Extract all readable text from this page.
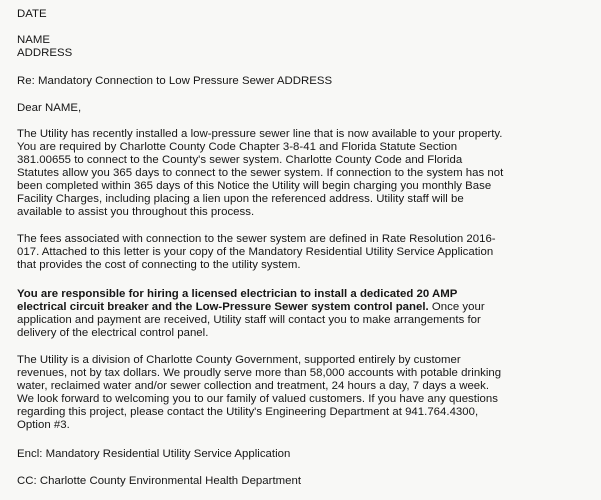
DATE
NAME
ADDRESS
Re: Mandatory Connection to Low Pressure Sewer ADDRESS
Dear NAME,
The Utility has recently installed a low-pressure sewer line that is now available to your property.
You are required by Charlotte County Code Chapter 3-8-41 and Florida Statute Section
381.00655 to connect to the County's sewer system. Charlotte County Code and Florida
Statutes allow you 365 days to connect to the sewer system. If connection to the system has not
been completed within 365 days of this Notice the Utility will begin charging you monthly Base
Facility Charges, including placing a lien upon the referenced address. Utility staff will be
available to assist you throughout this process.
The fees associated with connection to the sewer system are defined in Rate Resolution 2016-
017. Attached to this letter is your copy of the Mandatory Residential Utility Service Application
that provides the cost of connecting to the utility system.
You are responsible for hiring a licensed electrician to install a dedicated 20 AMP
electrical circuit breaker and the Low-Pressure Sewer system control panel. Once your
application and payment are received, Utility staff will contact you to make arrangements for
delivery of the electrical control panel.
The Utility is a division of Charlotte County Government, supported entirely by customer
revenues, not by tax dollars. We proudly serve more than 58,000 accounts with potable drinking
water, reclaimed water and/or sewer collection and treatment, 24 hours a day, 7 days a week.
We look forward to welcoming you to our family of valued customers. If you have any questions
regarding this project, please contact the Utility's Engineering Department at 941.764.4300,
Option #3.
Encl: Mandatory Residential Utility Service Application
CC: Charlotte County Environmental Health Department
